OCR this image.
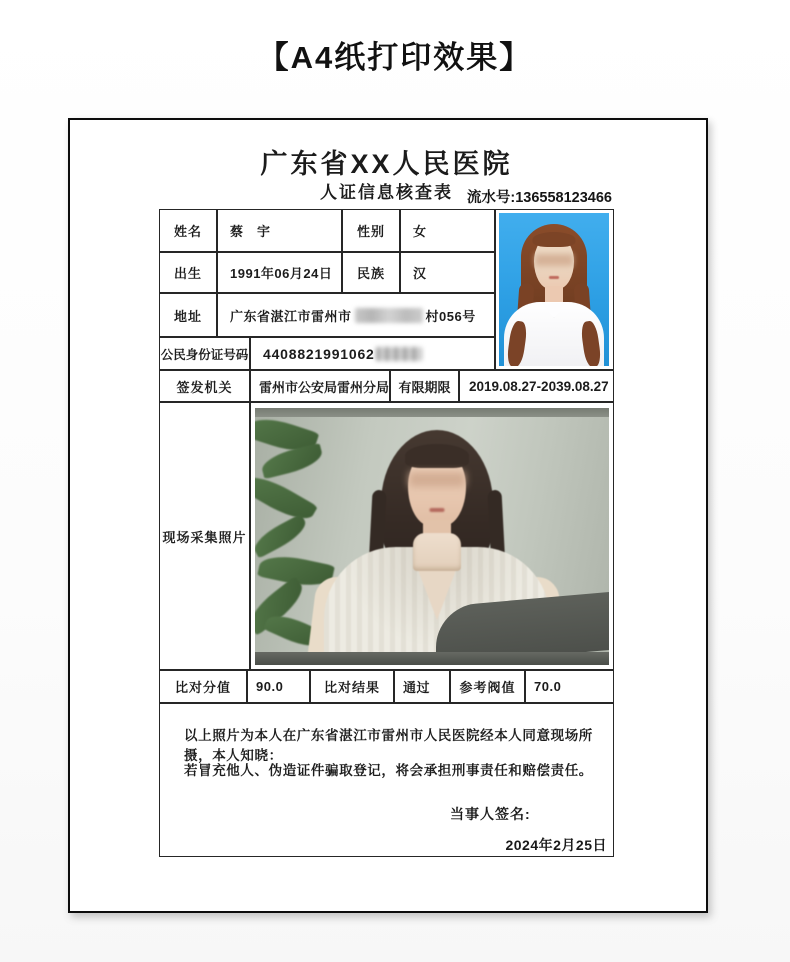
【A4纸打印效果】
广东省XX人民医院
人证信息核查表 流水号:136558123466
姓名	蔡　宇	性别	女
出生	1991年06月24日	民族	汉
地址	广东省湛江市雷州市	村056号
公民身份证号码 4408821991062
签发机关	雷州市公安局雷州分局 有限期限	2019.08.27-2039.08.27
现场采集照片
比对分值	90.0	比对结果	通过	参考阀值	70.0
以上照片为本人在广东省湛江市雷州市人民医院经本人同意现场所摄，本人知晓：
若冒充他人、伪造证件骗取登记，将会承担刑事责任和赔偿责任。
当事人签名:
2024年2月25日
